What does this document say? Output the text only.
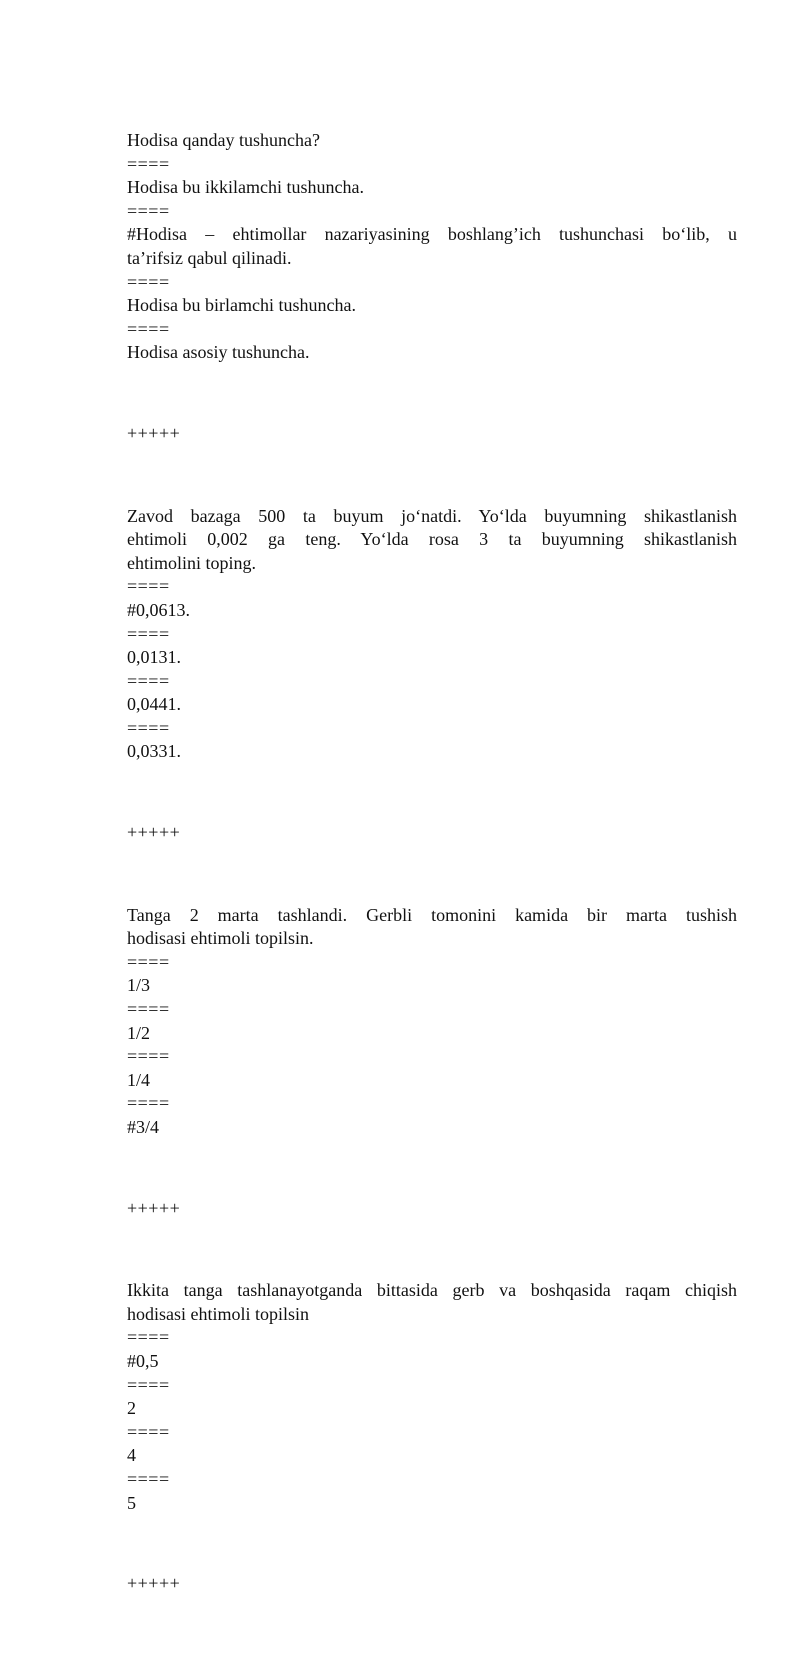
Hodisa qanday tushuncha?
====
Hodisa bu ikkilamchi tushuncha.
====
#Hodisa – ehtimollar nazariyasining boshlang’ich tushunchasi bo‘lib, u
ta’rifsiz qabul qilinadi.
====
Hodisa bu birlamchi tushuncha.
====
Hodisa asosiy tushuncha.
+++++
Zavod bazaga 500 ta buyum jo‘natdi. Yo‘lda buyumning shikastlanish
ehtimoli 0,002 ga teng. Yo‘lda rosa 3 ta buyumning shikastlanish
ehtimolini toping.
====
#0,0613.
====
0,0131.
====
0,0441.
====
0,0331.
+++++
Tanga 2 marta tashlandi. Gerbli tomonini kamida bir marta tushish
hodisasi ehtimoli topilsin.
====
1/3
====
1/2
====
1/4
====
#3/4
+++++
Ikkita tanga tashlanayotganda bittasida gerb va boshqasida raqam chiqish
hodisasi ehtimoli topilsin
====
#0,5
====
2
====
4
====
5
+++++
